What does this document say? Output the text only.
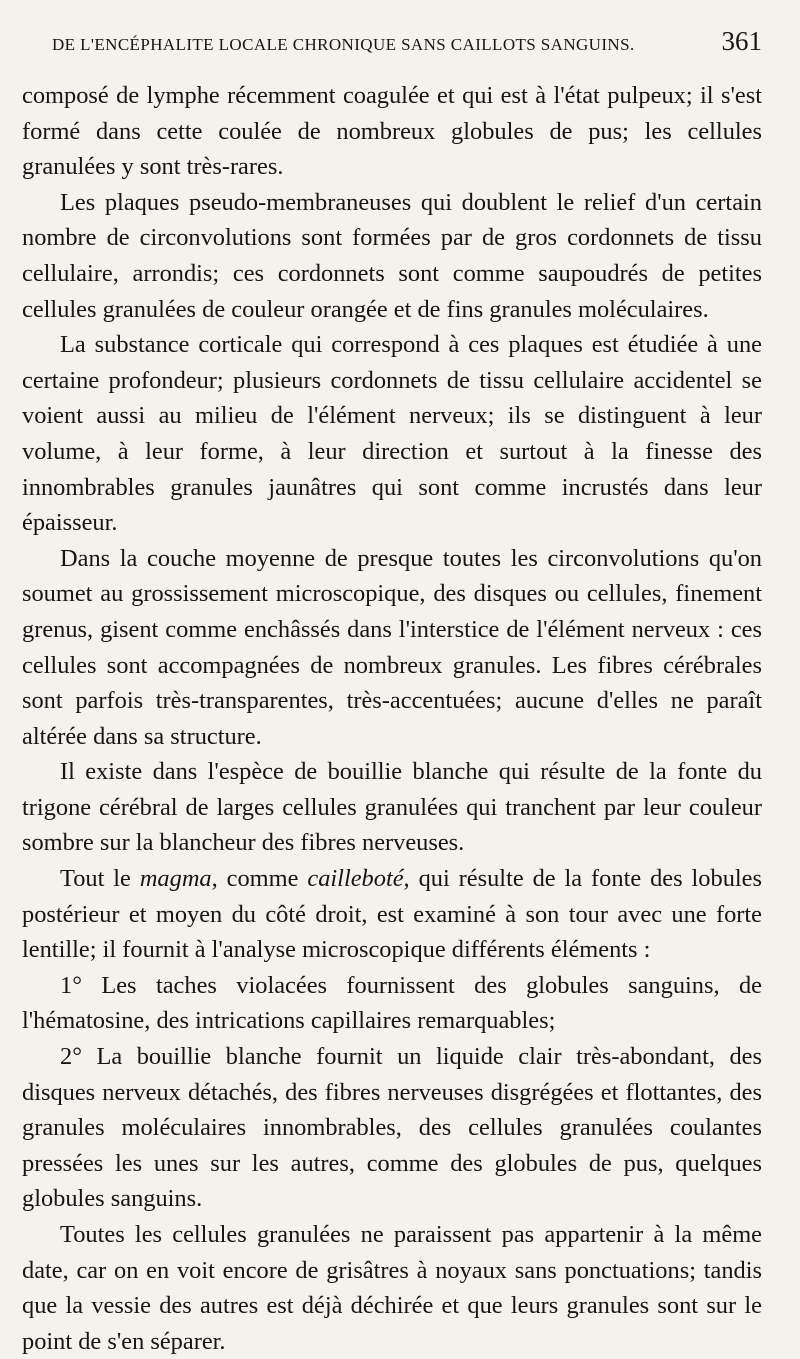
DE L'ENCÉPHALITE LOCALE CHRONIQUE SANS CAILLOTS SANGUINS.	361

composé de lymphe récemment coagulée et qui est à l'état pulpeux; il s'est formé dans cette coulée de nombreux globules de pus; les cellules granulées y sont très-rares.

Les plaques pseudo-membraneuses qui doublent le relief d'un certain nombre de circonvolutions sont formées par de gros cordonnets de tissu cellulaire, arrondis; ces cordonnets sont comme saupoudrés de petites cellules granulées de couleur orangée et de fins granules moléculaires.

La substance corticale qui correspond à ces plaques est étudiée à une certaine profondeur; plusieurs cordonnets de tissu cellulaire accidentel se voient aussi au milieu de l'élément nerveux; ils se distinguent à leur volume, à leur forme, à leur direction et surtout à la finesse des innombrables granules jaunâtres qui sont comme incrustés dans leur épaisseur.

Dans la couche moyenne de presque toutes les circonvolutions qu'on soumet au grossissement microscopique, des disques ou cellules, finement grenus, gisent comme enchâssés dans l'interstice de l'élément nerveux : ces cellules sont accompagnées de nombreux granules. Les fibres cérébrales sont parfois très-transparentes, très-accentuées; aucune d'elles ne paraît altérée dans sa structure.

Il existe dans l'espèce de bouillie blanche qui résulte de la fonte du trigone cérébral de larges cellules granulées qui tranchent par leur couleur sombre sur la blancheur des fibres nerveuses.

Tout le magma, comme cailleboté, qui résulte de la fonte des lobules postérieur et moyen du côté droit, est examiné à son tour avec une forte lentille; il fournit à l'analyse microscopique différents éléments :

1° Les taches violacées fournissent des globules sanguins, de l'hématosine, des intrications capillaires remarquables;

2° La bouillie blanche fournit un liquide clair très-abondant, des disques nerveux détachés, des fibres nerveuses disgrégées et flottantes, des granules moléculaires innombrables, des cellules granulées coulantes pressées les unes sur les autres, comme des globules de pus, quelques globules sanguins.

Toutes les cellules granulées ne paraissent pas appartenir à la même date, car on en voit encore de grisâtres à noyaux sans ponctuations; tandis que la vessie des autres est déjà déchirée et que leurs granules sont sur le point de s'en séparer.
